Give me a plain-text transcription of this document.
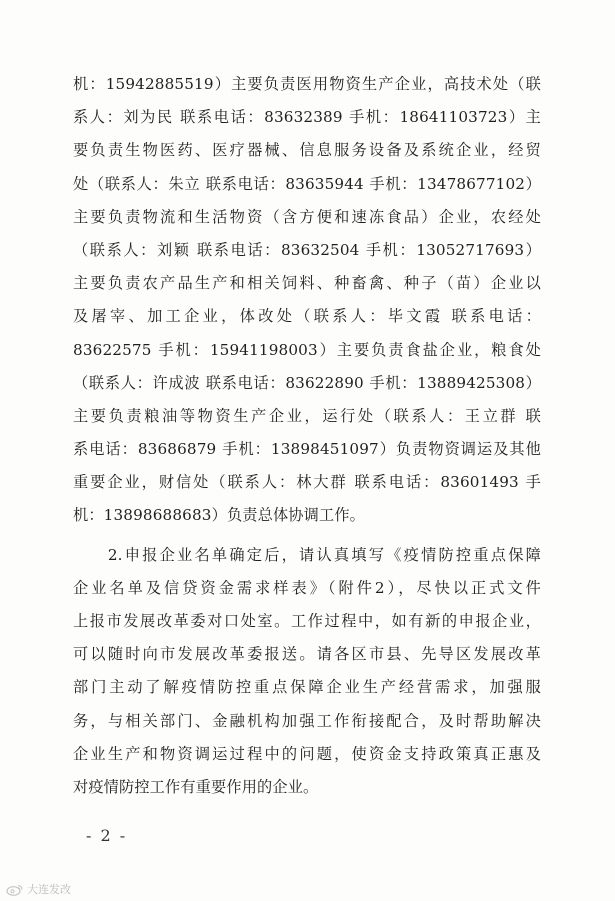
机：15942885519）主要负责医用物资生产企业，高技术处（联
系人：刘为民 联系电话：83632389 手机：18641103723）主
要负责生物医药、医疗器械、信息服务设备及系统企业，经贸
处（联系人：朱立 联系电话：83635944 手机：13478677102）
主要负责物流和生活物资（含方便和速冻食品）企业，农经处
（联系人：刘颖 联系电话：83632504 手机：13052717693）
主要负责农产品生产和相关饲料、种畜禽、种子（苗）企业以
及屠宰、加工企业，体改处（联系人：毕文霞 联系电话：
83622575 手机：15941198003）主要负责食盐企业，粮食处
（联系人：许成波 联系电话：83622890 手机：13889425308）
主要负责粮油等物资生产企业，运行处（联系人：王立群 联
系电话：83686879 手机：13898451097）负责物资调运及其他
重要企业，财信处（联系人：林大群 联系电话：83601493 手
机：13898688683）负责总体协调工作。
　　2.申报企业名单确定后，请认真填写《疫情防控重点保障
企业名单及信贷资金需求样表》（附件2），尽快以正式文件
上报市发展改革委对口处室。工作过程中，如有新的申报企业，
可以随时向市发展改革委报送。请各区市县、先导区发展改革
部门主动了解疫情防控重点保障企业生产经营需求，加强服
务，与相关部门、金融机构加强工作衔接配合，及时帮助解决
企业生产和物资调运过程中的问题，使资金支持政策真正惠及
对疫情防控工作有重要作用的企业。
- 2 -
大连发改
